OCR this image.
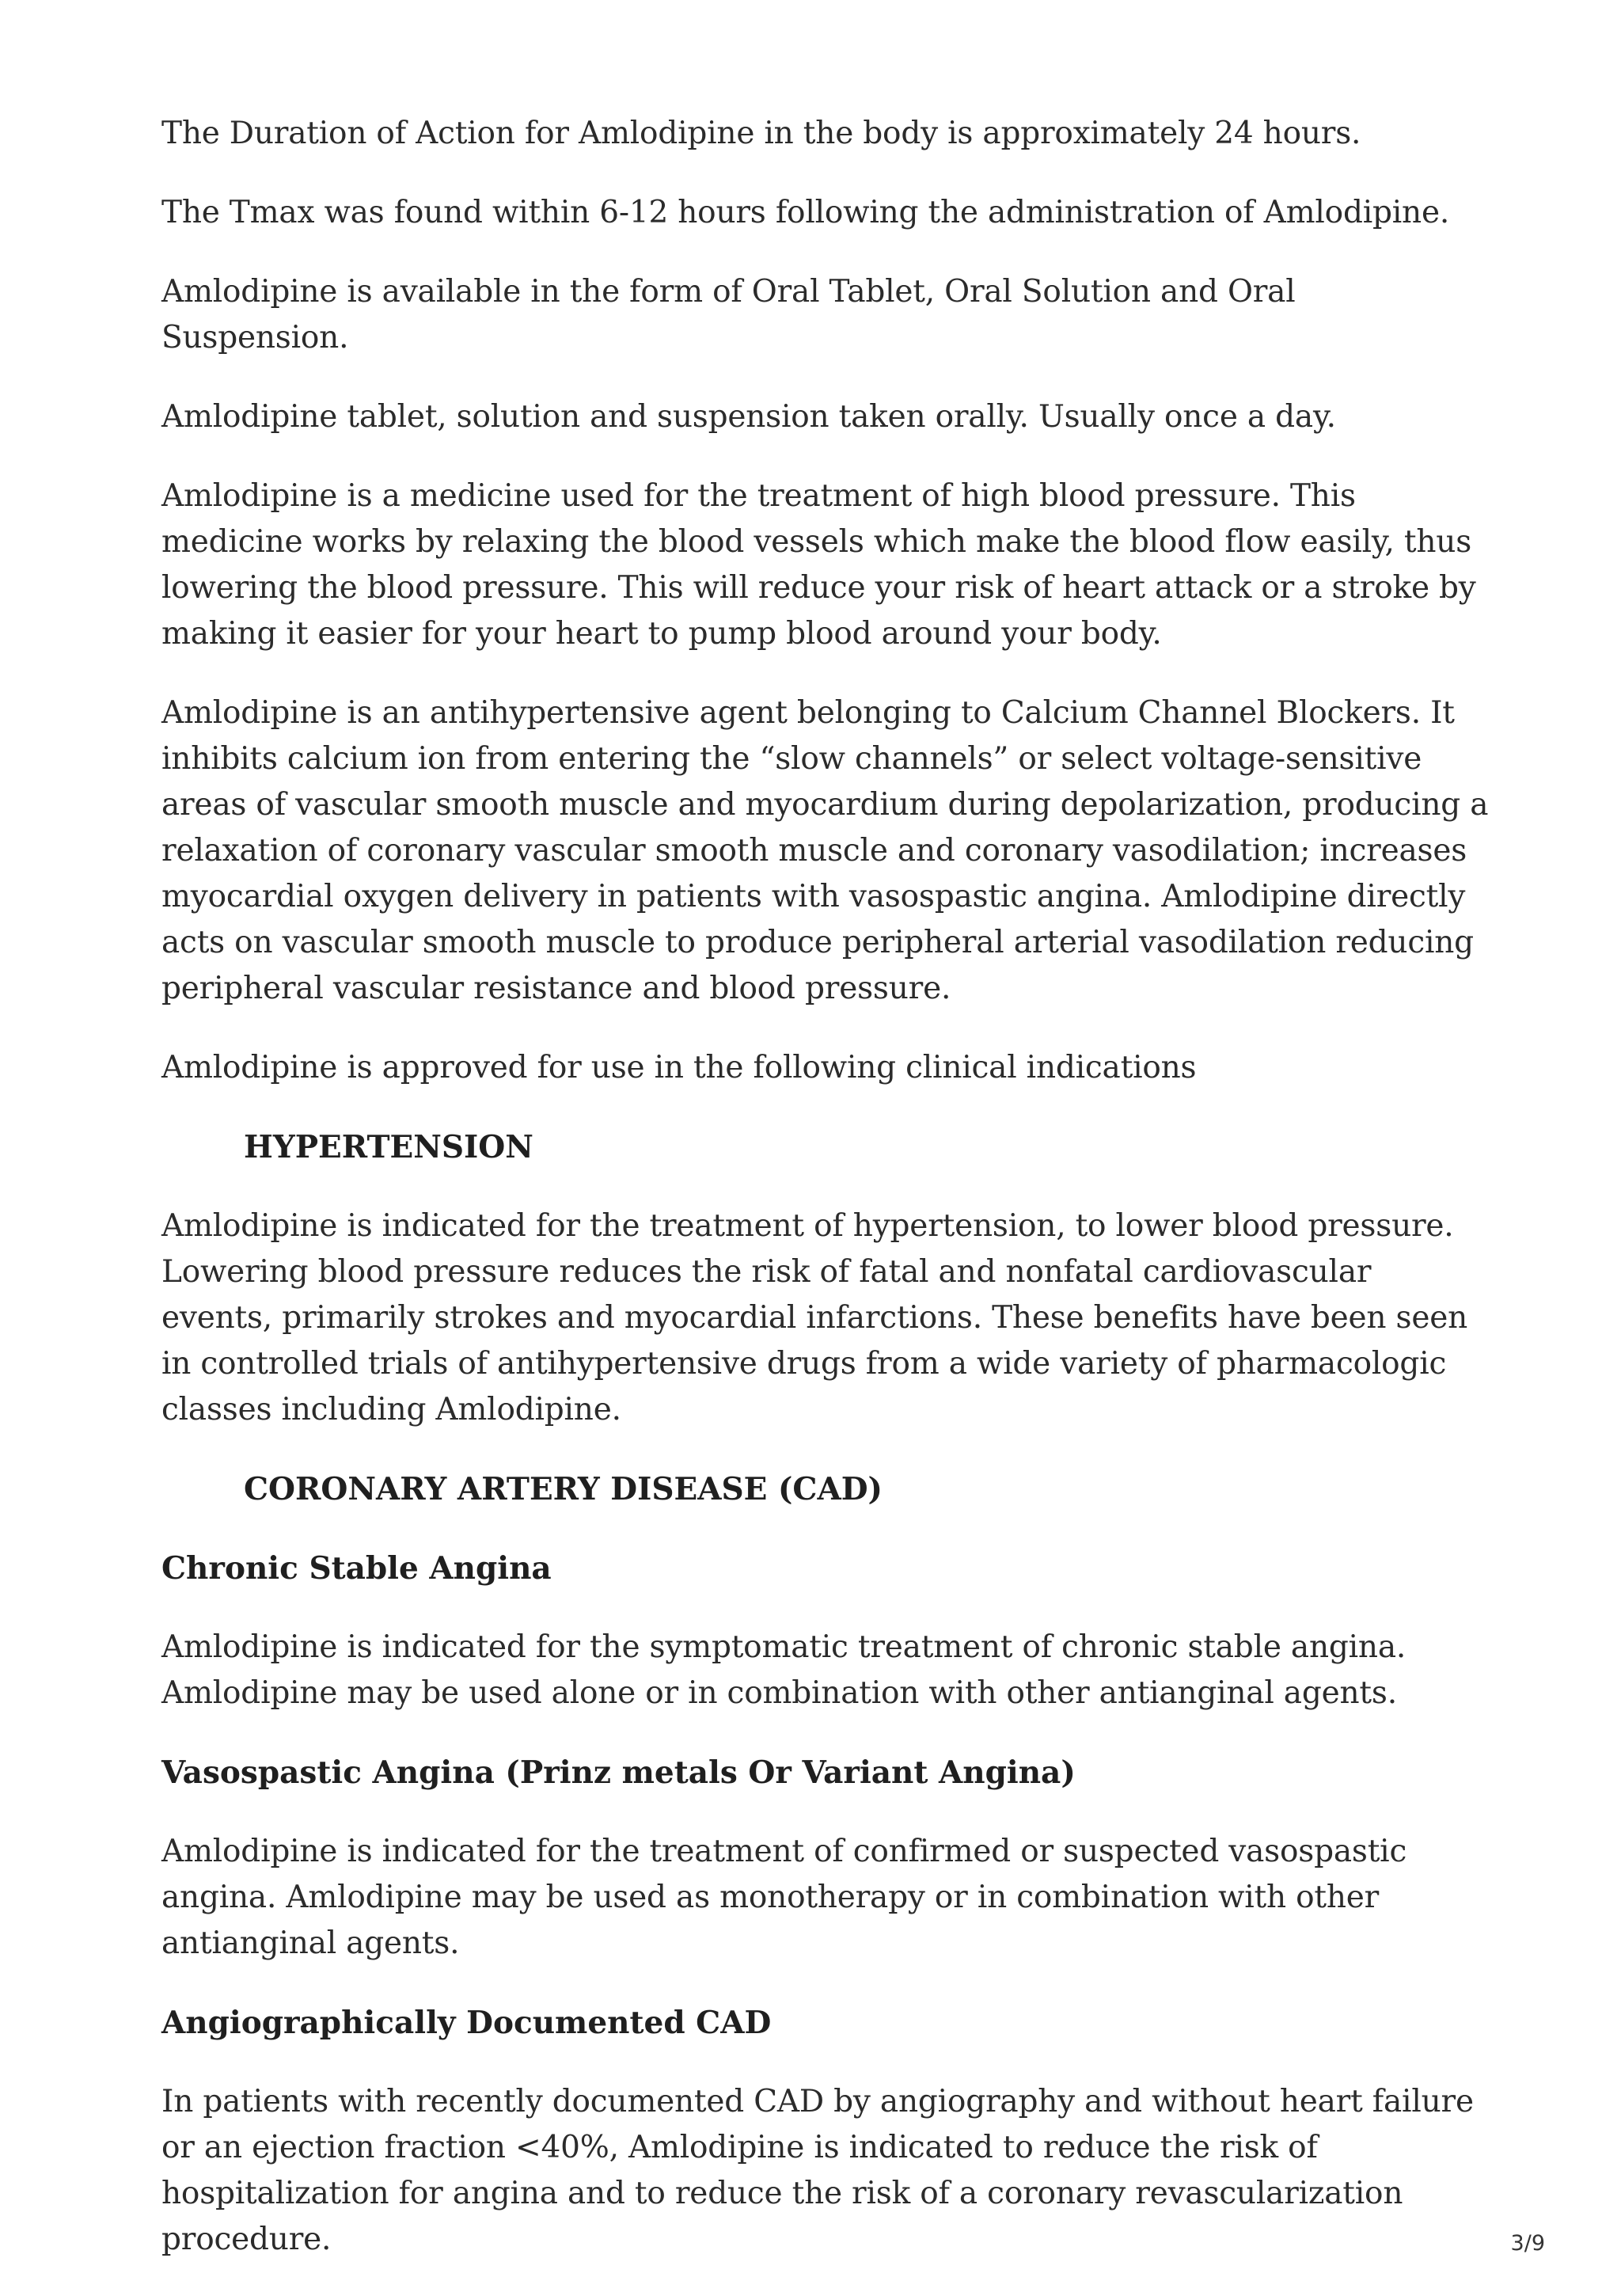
The Duration of Action for Amlodipine in the body is approximately 24 hours.

The Tmax was found within 6-12 hours following the administration of Amlodipine.

Amlodipine is available in the form of Oral Tablet, Oral Solution and Oral Suspension.

Amlodipine tablet, solution and suspension taken orally. Usually once a day.

Amlodipine is a medicine used for the treatment of high blood pressure. This medicine works by relaxing the blood vessels which make the blood flow easily, thus lowering the blood pressure. This will reduce your risk of heart attack or a stroke by making it easier for your heart to pump blood around your body.

Amlodipine is an antihypertensive agent belonging to Calcium Channel Blockers. It inhibits calcium ion from entering the “slow channels” or select voltage-sensitive areas of vascular smooth muscle and myocardium during depolarization, producing a relaxation of coronary vascular smooth muscle and coronary vasodilation; increases myocardial oxygen delivery in patients with vasospastic angina. Amlodipine directly acts on vascular smooth muscle to produce peripheral arterial vasodilation reducing peripheral vascular resistance and blood pressure.

Amlodipine is approved for use in the following clinical indications

HYPERTENSION

Amlodipine is indicated for the treatment of hypertension, to lower blood pressure. Lowering blood pressure reduces the risk of fatal and nonfatal cardiovascular events, primarily strokes and myocardial infarctions. These benefits have been seen in controlled trials of antihypertensive drugs from a wide variety of pharmacologic classes including Amlodipine.

CORONARY ARTERY DISEASE (CAD)
Chronic Stable Angina

Amlodipine is indicated for the symptomatic treatment of chronic stable angina. Amlodipine may be used alone or in combination with other antianginal agents.

Vasospastic Angina (Prinz metals Or Variant Angina)

Amlodipine is indicated for the treatment of confirmed or suspected vasospastic angina. Amlodipine may be used as monotherapy or in combination with other antianginal agents.

Angiographically Documented CAD

In patients with recently documented CAD by angiography and without heart failure or an ejection fraction <40%, Amlodipine is indicated to reduce the risk of hospitalization for angina and to reduce the risk of a coronary revascularization procedure.	3/9
